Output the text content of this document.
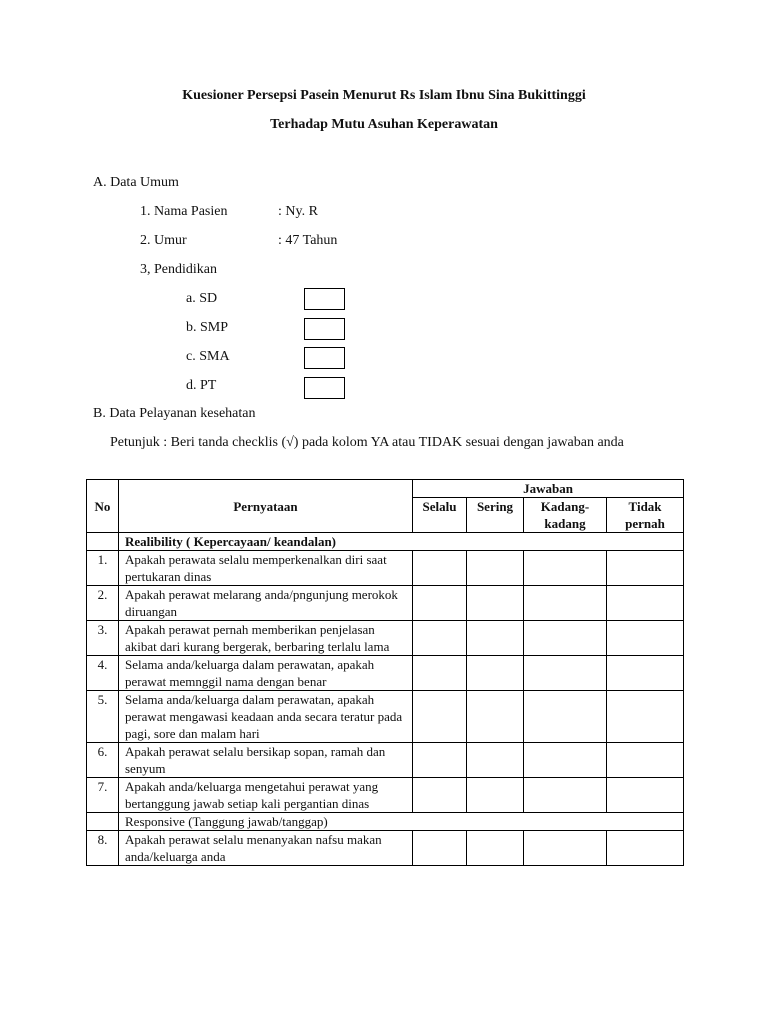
Kuesioner Persepsi Pasein Menurut Rs Islam Ibnu Sina Bukittinggi
Terhadap Mutu Asuhan Keperawatan
A. Data Umum
1. Nama Pasien	: Ny. R
2. Umur	: 47 Tahun
3, Pendidikan
a. SD
b. SMP
c. SMA
d. PT
B. Data Pelayanan kesehatan
Petunjuk : Beri tanda checklis (√) pada kolom YA atau TIDAK sesuai dengan jawaban anda
No	Pernyataan	Jawaban			
		Selalu	Sering	Kadang-kadang	Tidak pernah
	Realibility ( Kepercayaan/ keandalan)				
1.	Apakah perawata selalu memperkenalkan diri saat pertukaran dinas				
2.	Apakah perawat melarang anda/pngunjung merokok diruangan				
3.	Apakah perawat pernah memberikan penjelasan akibat dari kurang bergerak, berbaring terlalu lama				
4.	Selama anda/keluarga dalam perawatan, apakah perawat memnggil nama dengan benar				
5.	Selama anda/keluarga dalam perawatan, apakah perawat mengawasi keadaan anda secara teratur pada pagi, sore dan malam hari				
6.	Apakah perawat selalu bersikap sopan, ramah dan senyum				
7.	Apakah anda/keluarga mengetahui perawat yang bertanggung jawab setiap kali pergantian dinas				
	Responsive (Tanggung jawab/tanggap)				
8.	Apakah perawat selalu menanyakan nafsu makan anda/keluarga anda				
